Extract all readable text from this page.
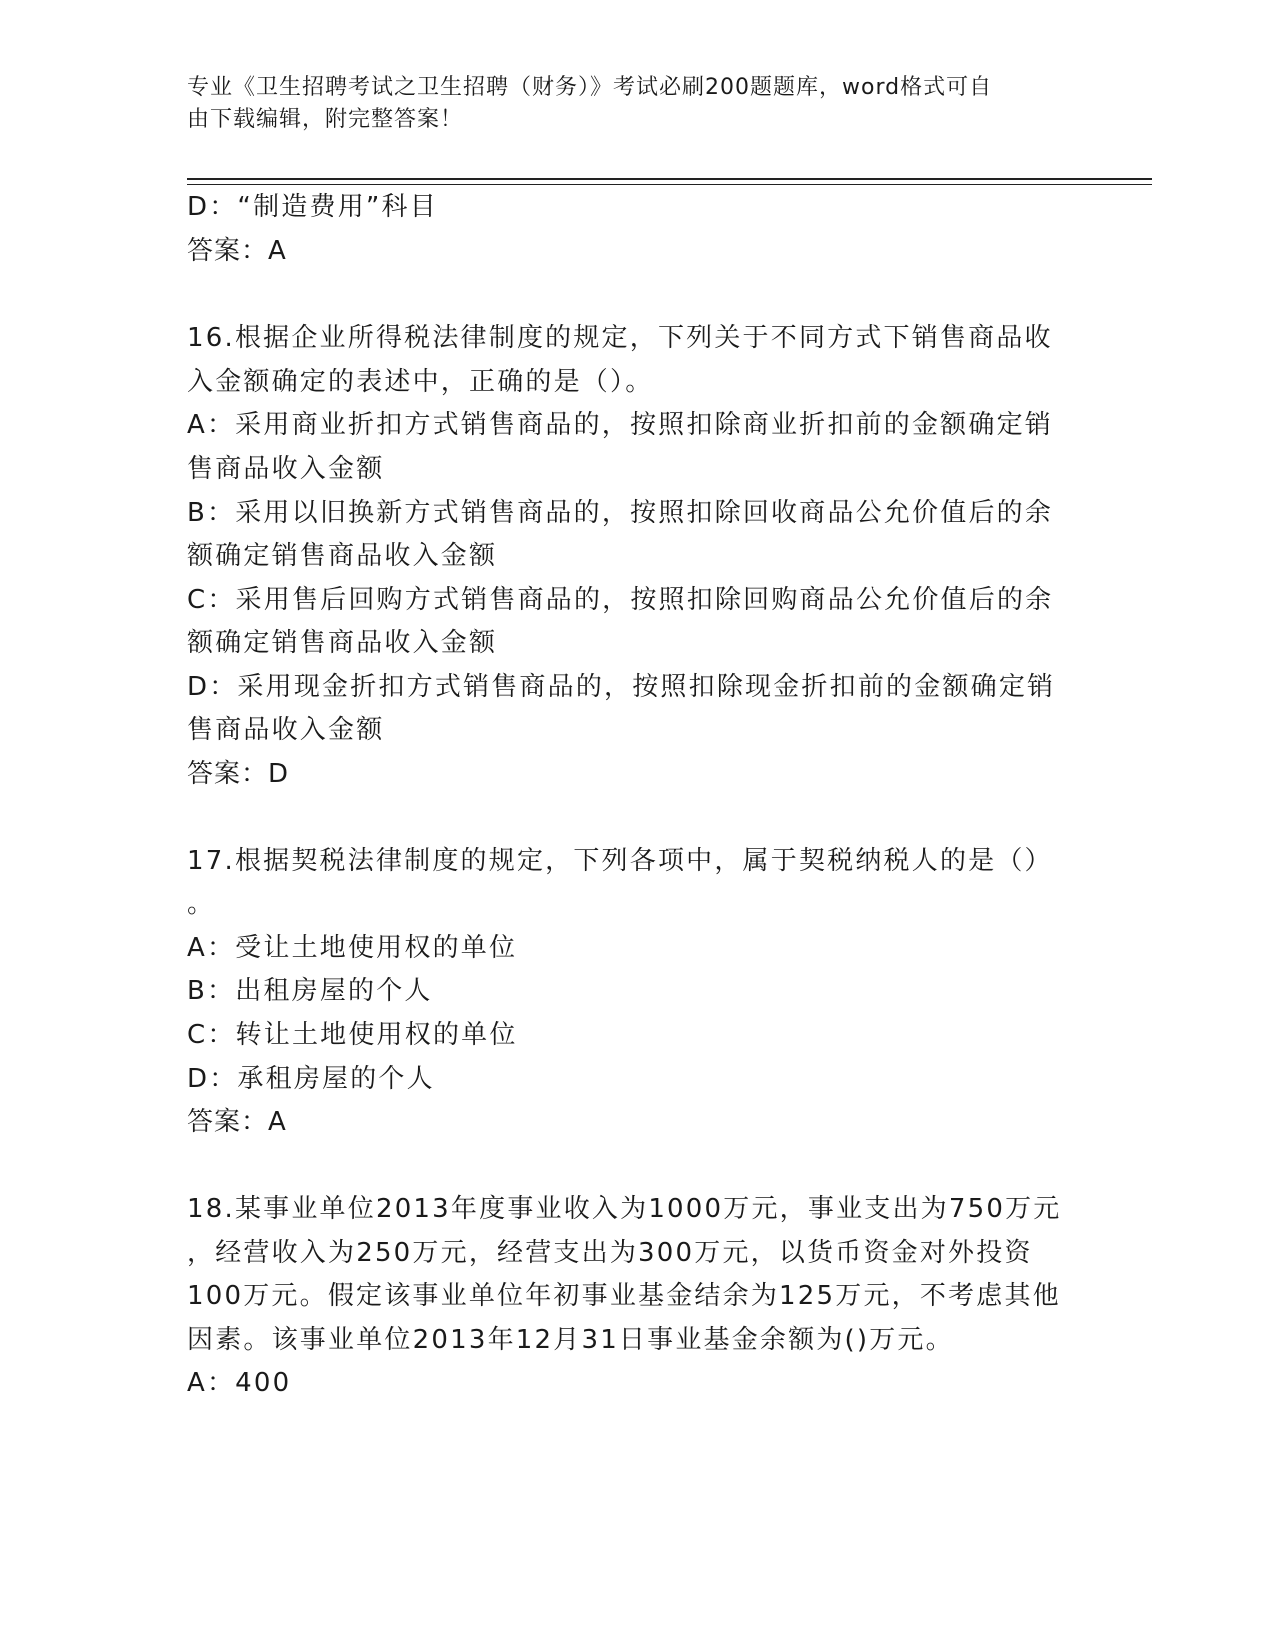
专业《卫生招聘考试之卫生招聘（财务）》考试必刷200题题库，word格式可自
由下载编辑，附完整答案！
D：“制造费用”科目
答案：A
16.根据企业所得税法律制度的规定，下列关于不同方式下销售商品收
入金额确定的表述中，正确的是（）。
A：采用商业折扣方式销售商品的，按照扣除商业折扣前的金额确定销
售商品收入金额
B：采用以旧换新方式销售商品的，按照扣除回收商品公允价值后的余
额确定销售商品收入金额
C：采用售后回购方式销售商品的，按照扣除回购商品公允价值后的余
额确定销售商品收入金额
D：采用现金折扣方式销售商品的，按照扣除现金折扣前的金额确定销
售商品收入金额
答案：D
17.根据契税法律制度的规定，下列各项中，属于契税纳税人的是（）
。
A：受让土地使用权的单位
B：出租房屋的个人
C：转让土地使用权的单位
D：承租房屋的个人
答案：A
18.某事业单位2013年度事业收入为1000万元，事业支出为750万元
，经营收入为250万元，经营支出为300万元，以货币资金对外投资
100万元。假定该事业单位年初事业基金结余为125万元，不考虑其他
因素。该事业单位2013年12月31日事业基金余额为()万元。
A：400
